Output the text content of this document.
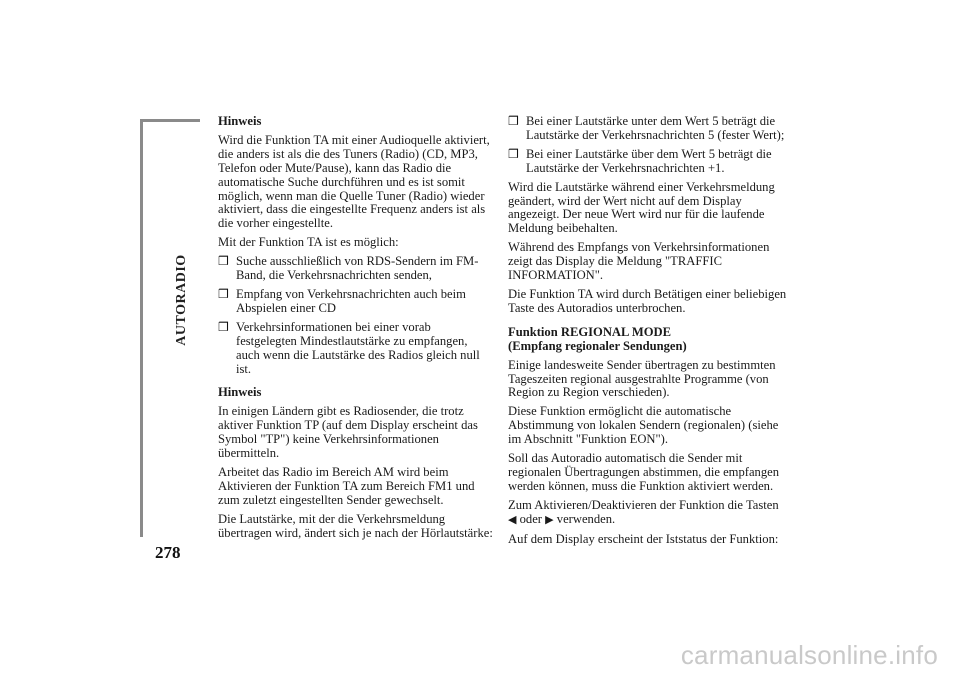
AUTORADIO
278
Hinweis

Wird die Funktion TA mit einer Audioquelle aktiviert, die anders ist als die des Tuners (Radio) (CD, MP3, Telefon oder Mute/Pause), kann das Radio die automatische Suche durchführen und es ist somit möglich, wenn man die Quelle Tuner (Radio) wieder aktiviert, dass die eingestellte Frequenz anders ist als die vorher eingestellte.

Mit der Funktion TA ist es möglich:

❒ Suche ausschließlich von RDS-Sendern im FM-Band, die Verkehrsnachrichten senden,
❒ Empfang von Verkehrsnachrichten auch beim Abspielen einer CD
❒ Verkehrsinformationen bei einer vorab festgelegten Mindestlautstärke zu empfangen, auch wenn die Lautstärke des Radios gleich null ist.
Hinweis

In einigen Ländern gibt es Radiosender, die trotz aktiver Funktion TP (auf dem Display erscheint das Symbol "TP") keine Verkehrsinformationen übermitteln.

Arbeitet das Radio im Bereich AM wird beim Aktivieren der Funktion TA zum Bereich FM1 und zum zuletzt eingestellten Sender gewechselt.

Die Lautstärke, mit der die Verkehrsmeldung übertragen wird, ändert sich je nach der Hörlautstärke:

❒ Bei einer Lautstärke unter dem Wert 5 beträgt die Lautstärke der Verkehrsnachrichten 5 (fester Wert);
❒ Bei einer Lautstärke über dem Wert 5 beträgt die Lautstärke der Verkehrsnachrichten +1.

Wird die Lautstärke während einer Verkehrsmeldung geändert, wird der Wert nicht auf dem Display angezeigt. Der neue Wert wird nur für die laufende Meldung beibehalten.

Während des Empfangs von Verkehrsinformationen zeigt das Display die Meldung "TRAFFIC INFORMATION".

Die Funktion TA wird durch Betätigen einer beliebigen Taste des Autoradios unterbrochen.

Funktion REGIONAL MODE
(Empfang regionaler Sendungen)

Einige landesweite Sender übertragen zu bestimmten Tageszeiten regional ausgestrahlte Programme (von Region zu Region verschieden).

Diese Funktion ermöglicht die automatische Abstimmung von lokalen Sendern (regionalen) (siehe im Abschnitt "Funktion EON").

Soll das Autoradio automatisch die Sender mit regionalen Übertragungen abstimmen, die empfangen werden können, muss die Funktion aktiviert werden.

Zum Aktivieren/Deaktivieren der Funktion die Tasten ◀ oder ▶ verwenden.

Auf dem Display erscheint der Iststatus der Funktion:

carmanualsonline.info
